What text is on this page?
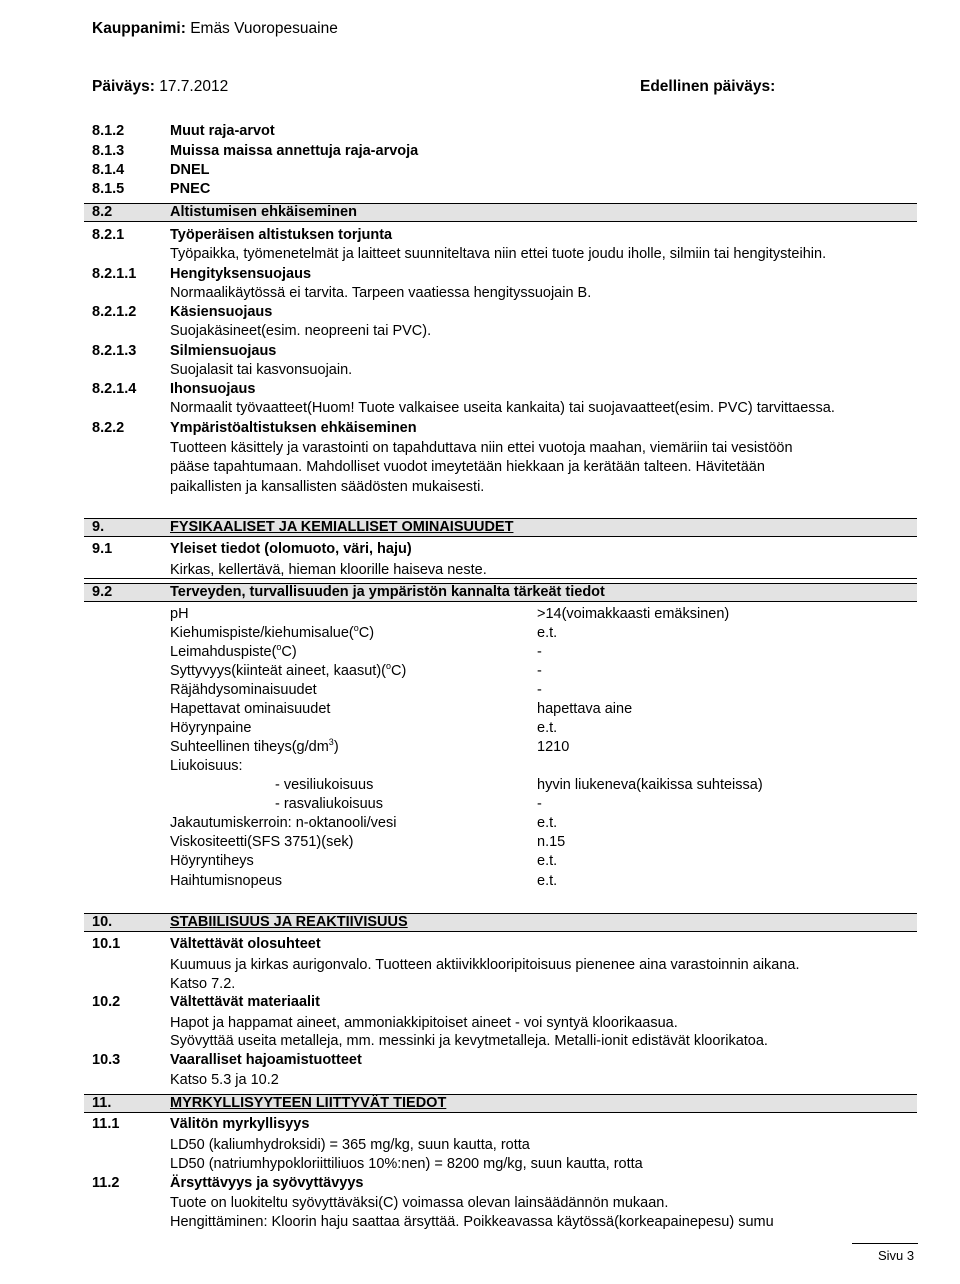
Kauppanimi: Emäs Vuoropesuaine
Päiväys: 17.7.2012	Edellinen päiväys:
8.1.2	Muut raja-arvot
8.1.3	Muissa maissa annettuja raja-arvoja
8.1.4	DNEL
8.1.5	PNEC
8.2	Altistumisen ehkäiseminen
8.2.1	Työperäisen altistuksen torjunta
Työpaikka, työmenetelmät ja laitteet suunniteltava niin ettei tuote joudu iholle, silmiin tai hengitysteihin.
8.2.1.1 Hengityksensuojaus
Normaalikäytössä ei tarvita. Tarpeen vaatiessa hengityssuojain B.
8.2.1.2 Käsiensuojaus
Suojakäsineet(esim. neopreeni tai PVC).
8.2.1.3 Silmiensuojaus
Suojalasit tai kasvonsuojain.
8.2.1.4 Ihonsuojaus
Normaalit työvaatteet(Huom! Tuote valkaisee useita kankaita) tai suojavaatteet(esim. PVC) tarvittaessa.
8.2.2	Ympäristöaltistuksen ehkäiseminen
Tuotteen käsittely ja varastointi on tapahduttava niin ettei vuotoja maahan, viemäriin tai vesistöön
pääse tapahtumaan. Mahdolliset vuodot imeytetään hiekkaan ja kerätään talteen. Hävitetään
paikallisten ja kansallisten säädösten mukaisesti.
9.	FYSIKAALISET JA KEMIALLISET OMINAISUUDET
9.1	Yleiset tiedot (olomuoto, väri, haju)
Kirkas, kellertävä, hieman kloorille haiseva neste.
9.2	Terveyden, turvallisuuden ja ympäristön kannalta tärkeät tiedot
pH	>14(voimakkaasti emäksinen)
Kiehumispiste/kiehumisalue($^o$C)	e.t.
Leimahduspiste($^o$C)	-
Syttyvyys(kiinteät aineet, kaasut)($^o$C)	-
Räjähdysominaisuudet	-
Hapettavat ominaisuudet	hapettava aine
Höyrynpaine	e.t.
Suhteellinen $tiheys(g/dm^3)$	1210
Liukoisuus:
- vesiliukoisuus	hyvin liukeneva(kaikissa suhteissa)
- rasvaliukoisuus	-
Jakautumiskerroin: n-oktanooli/vesi	e.t.
Viskositeetti(SFS 3751)(sek)	n.15
Höyryntiheys	e.t.
Haihtumisnopeus	e.t.
10.	STABIILISUUS JA REAKTIIVISUUS
10.1	Vältettävät olosuhteet
Kuumuus ja kirkas aurigonvalo. Tuotteen aktiivikklooripitoisuus pienenee aina varastoinnin aikana.
Katso 7.2.
10.2	Vältettävät materiaalit
Hapot ja happamat aineet, ammoniakkipitoiset aineet - voi syntyä kloorikaasua.
Syövyttää useita metalleja, mm. messinki ja kevytmetalleja. Metalli-ionit edistävät kloorikatoa.
10.3	Vaaralliset hajoamistuotteet
Katso 5.3 ja 10.2
11.	MYRKYLLISYYTEEN LIITTYVÄT TIEDOT
11.1	Välitön myrkyllisyys
LD50 (kaliumhydroksidi) = 365 mg/kg, suun kautta, rotta
LD50 (natriumhypokloriittiliuos 10%:nen) = 8200 mg/kg, suun kautta, rotta
11.2	Ärsyttävyys ja syövyttävyys
Tuote on luokiteltu syövyttäväksi(C) voimassa olevan lainsäädännön mukaan.
Hengittäminen: Kloorin haju saattaa ärsyttää. Poikkeavassa käytössä(korkeapainepesu) sumu
Sivu 3
